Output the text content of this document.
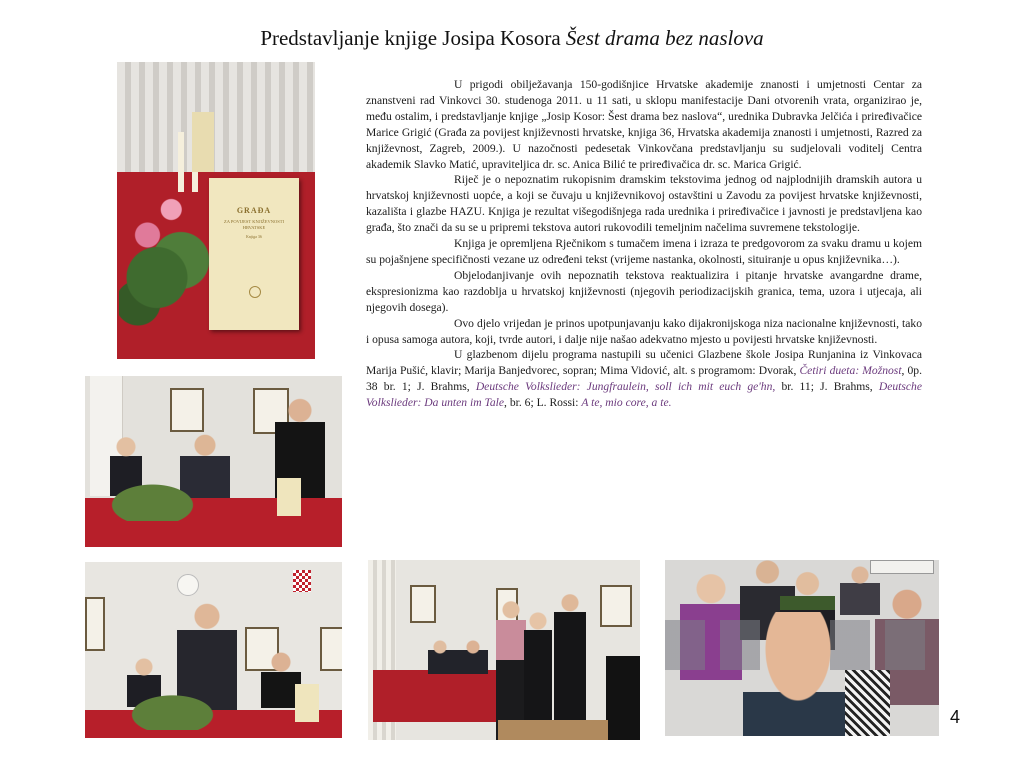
Predstavljanje knjige Josipa Kosora Šest drama bez naslova
GRAĐA
ZA POVIJEST KNJIŽEVNOSTI HRVATSKE
Knjiga 36

U prigodi obilježavanja 150-godišnjice Hrvatske akademije znanosti i umjetnosti Centar za znanstveni rad Vinkovci 30. studenoga 2011. u 11 sati, u sklopu manifestacije Dani otvorenih vrata, organizirao je, među ostalim, i predstavljanje knjige „Josip Kosor: Šest drama bez naslova“, urednika Dubravka Jelčića i priređivačice Marice Grigić (Građa za povijest književnosti hrvatske, knjiga 36, Hrvatska akademija znanosti i umjetnosti, Razred za književnost, Zagreb, 2009.). U nazočnosti pedesetak Vinkovčana predstavljanju su sudjelovali voditelj Centra akademik Slavko Matić, upraviteljica dr. sc. Anica Bilić te priređivačica dr. sc. Marica Grigić.

Riječ je o nepoznatim rukopisnim dramskim tekstovima jednog od najplodnijih dramskih autora u hrvatskoj književnosti uopće, a koji se čuvaju u književnikovoj ostavštini u Zavodu za povijest hrvatske književnosti, kazališta i glazbe HAZU. Knjiga je rezultat višegodišnjega rada urednika i priređivačice i javnosti je predstavljena kao građa, što znači da su se u pripremi tekstova autori rukovodili temeljnim načelima suvremene tekstologije.

Knjiga je opremljena Rječnikom s tumačem imena i izraza te predgovorom za svaku dramu u kojem su pojašnjene specifičnosti vezane uz određeni tekst (vrijeme nastanka, okolnosti, situiranje u opus književnika…).

Objelodanjivanje ovih nepoznatih tekstova reaktualizira i pitanje hrvatske avangardne drame, ekspresionizma kao razdoblja u hrvatskoj književnosti (njegovih periodizacijskih granica, tema, uzora i utjecaja, ali njegovih dosega).

Ovo djelo vrijedan je prinos upotpunjavanju kako dijakronijskoga niza nacionalne književnosti, tako i opusa samoga autora, koji, tvrde autori, i dalje nije našao adekvatno mjesto u povijesti hrvatske književnosti.

U glazbenom dijelu programa nastupili su učenici Glazbene škole Josipa Runjanina iz Vinkovaca Marija Pušić, klavir; Marija Banjedvorec, sopran; Mima Vidović, alt. s programom: Dvorak, Četiri dueta: Možnost, 0p. 38 br. 1; J. Brahms, Deutsche Volkslieder: Jungfraulein, soll ich mit euch ge'hn, br. 11; J. Brahms, Deutsche Volkslieder: Da unten im Tale, br. 6; L. Rossi: A te, mio core, a te.

4
